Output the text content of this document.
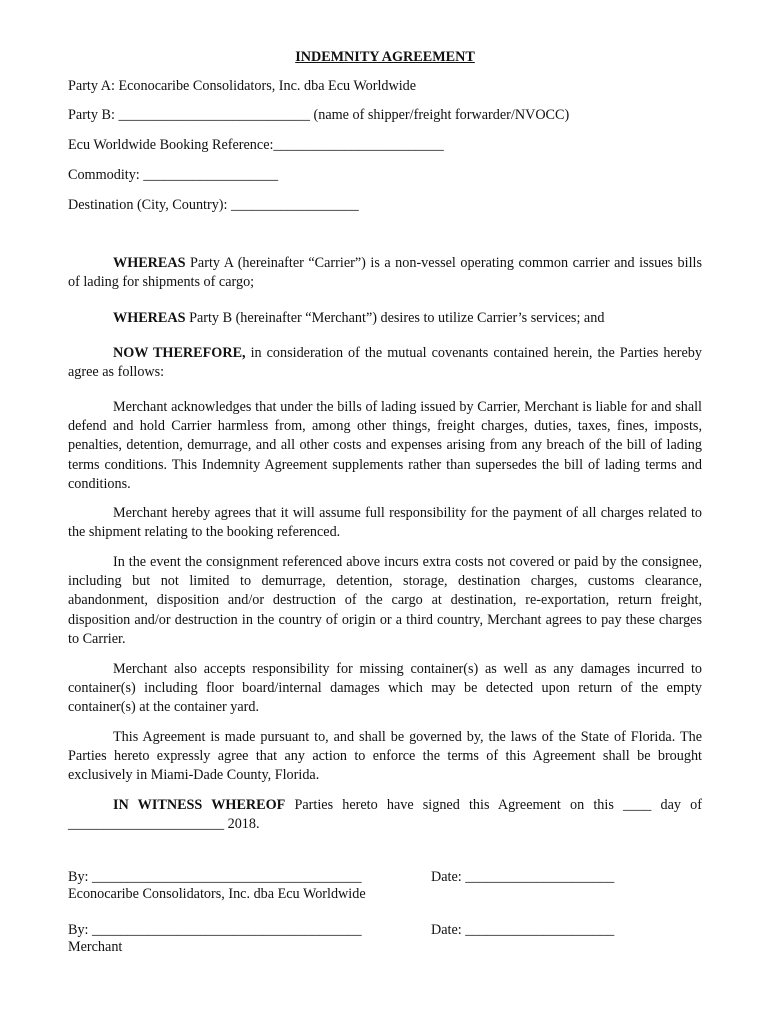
INDEMNITY AGREEMENT
Party A: Econocaribe Consolidators, Inc. dba Ecu Worldwide
Party B: ___________________________ (name of shipper/freight forwarder/NVOCC)
Ecu Worldwide Booking Reference:________________________
Commodity: ___________________
Destination (City, Country): __________________
WHEREAS Party A (hereinafter “Carrier”) is a non-vessel operating common carrier and issues bills of lading for shipments of cargo;
WHEREAS Party B (hereinafter “Merchant”) desires to utilize Carrier’s services; and
NOW THEREFORE, in consideration of the mutual covenants contained herein, the Parties hereby agree as follows:
Merchant acknowledges that under the bills of lading issued by Carrier, Merchant is liable for and shall defend and hold Carrier harmless from, among other things, freight charges, duties, taxes, fines, imposts, penalties, detention, demurrage, and all other costs and expenses arising from any breach of the bill of lading terms conditions. This Indemnity Agreement supplements rather than supersedes the bill of lading terms and conditions.
Merchant hereby agrees that it will assume full responsibility for the payment of all charges related to the shipment relating to the booking referenced.
In the event the consignment referenced above incurs extra costs not covered or paid by the consignee, including but not limited to demurrage, detention, storage, destination charges, customs clearance, abandonment, disposition and/or destruction of the cargo at destination, re-exportation, return freight, disposition and/or destruction in the country of origin or a third country, Merchant agrees to pay these charges to Carrier.
Merchant also accepts responsibility for missing container(s) as well as any damages incurred to container(s) including floor board/internal damages which may be detected upon return of the empty container(s) at the container yard.
This Agreement is made pursuant to, and shall be governed by, the laws of the State of Florida. The Parties hereto expressly agree that any action to enforce the terms of this Agreement shall be brought exclusively in Miami-Dade County, Florida.
IN WITNESS WHEREOF Parties hereto have signed this Agreement on this ____ day of ______________________ 2018.
By: ______________________________________
Econocaribe Consolidators, Inc. dba Ecu Worldwide
Date: _____________________
By: ______________________________________
Merchant
Date: _____________________
